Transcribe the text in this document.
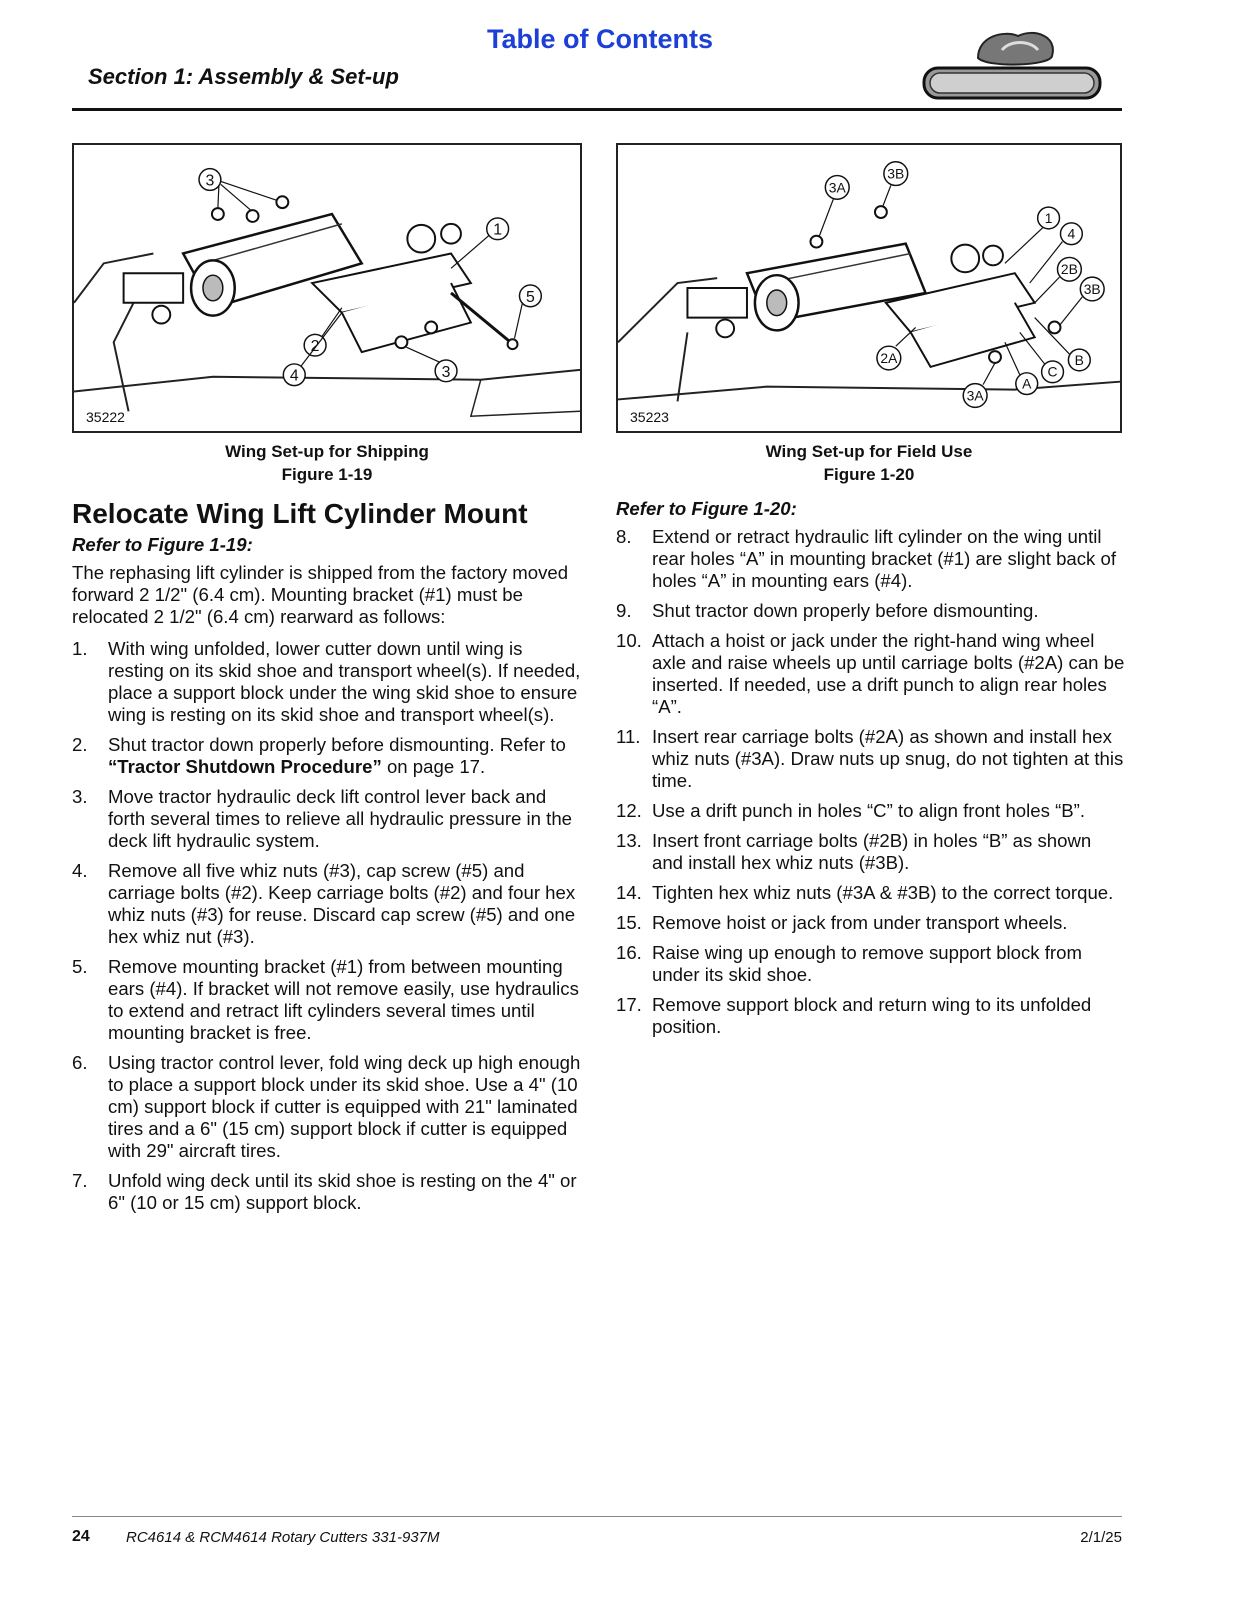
Table of Contents
Section 1: Assembly & Set-up
3
1
5
2
4	3
35222
Wing Set-up for Shipping
Figure 1-19
3A
3B
1
4
2B
3B
2A	B
C
A
3A
35223
Wing Set-up for Field Use
Figure 1-20
Relocate Wing Lift Cylinder Mount
Refer to Figure 1-19:

The rephasing lift cylinder is shipped from the factory moved forward 2 1/2" (6.4 cm). Mounting bracket (#1) must be relocated 2 1/2" (6.4 cm) rearward as follows:

1. With wing unfolded, lower cutter down until wing is resting on its skid shoe and transport wheel(s). If needed, place a support block under the wing skid shoe to ensure wing is resting on its skid shoe and transport wheel(s).
2. Shut tractor down properly before dismounting. Refer to “Tractor Shutdown Procedure” on page 17.
3. Move tractor hydraulic deck lift control lever back and forth several times to relieve all hydraulic pressure in the deck lift hydraulic system.
4. Remove all five whiz nuts (#3), cap screw (#5) and carriage bolts (#2). Keep carriage bolts (#2) and four hex whiz nuts (#3) for reuse. Discard cap screw (#5) and one hex whiz nut (#3).
5. Remove mounting bracket (#1) from between mounting ears (#4). If bracket will not remove easily, use hydraulics to extend and retract lift cylinders several times until mounting bracket is free.
6. Using tractor control lever, fold wing deck up high enough to place a support block under its skid shoe. Use a 4" (10 cm) support block if cutter is equipped with 21" laminated tires and a 6" (15 cm) support block if cutter is equipped with 29" aircraft tires.
7. Unfold wing deck until its skid shoe is resting on the 4" or 6" (10 or 15 cm) support block.
Refer to Figure 1-20:
8. Extend or retract hydraulic lift cylinder on the wing until rear holes “A” in mounting bracket (#1) are slight back of holes “A” in mounting ears (#4).
9. Shut tractor down properly before dismounting.
10. Attach a hoist or jack under the right-hand wing wheel axle and raise wheels up until carriage bolts (#2A) can be inserted. If needed, use a drift punch to align rear holes “A”.
11. Insert rear carriage bolts (#2A) as shown and install hex whiz nuts (#3A). Draw nuts up snug, do not tighten at this time.
12. Use a drift punch in holes “C” to align front holes “B”.
13. Insert front carriage bolts (#2B) in holes “B” as shown and install hex whiz nuts (#3B).
14. Tighten hex whiz nuts (#3A & #3B) to the correct torque.
15. Remove hoist or jack from under transport wheels.
16. Raise wing up enough to remove support block from under its skid shoe.
17. Remove support block and return wing to its unfolded position.
24 RC4614 & RCM4614 Rotary Cutters 331-937M	2/1/25
